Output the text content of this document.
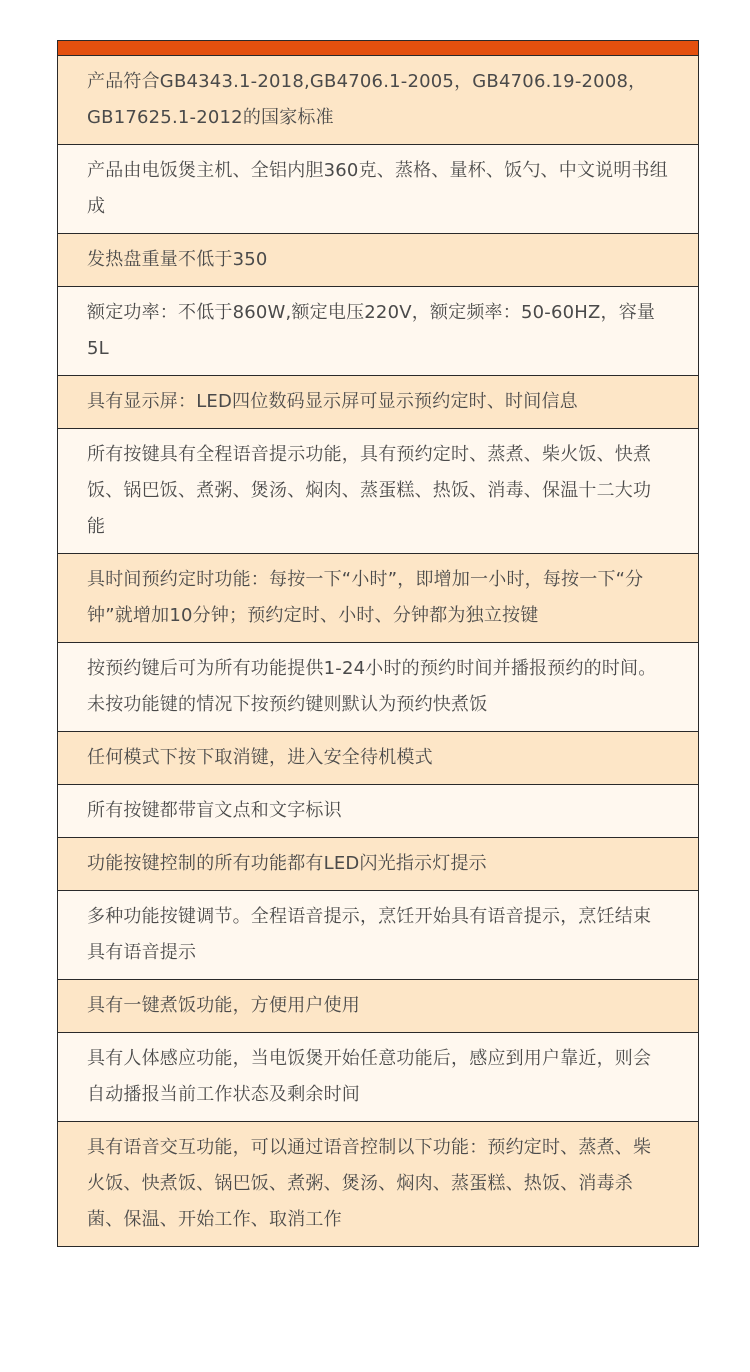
产品符合GB4343.1-2018,GB4706.1-2005，GB4706.19-2008，GB17625.1-2012的国家标准
产品由电饭煲主机、全铝内胆360克、蒸格、量杯、饭勺、中文说明书组成
发热盘重量不低于350
额定功率：不低于860W,额定电压220V，额定频率：50-60HZ，容量5L
具有显示屏：LED四位数码显示屏可显示预约定时、时间信息
所有按键具有全程语音提示功能，具有预约定时、蒸煮、柴火饭、快煮饭、锅巴饭、煮粥、煲汤、焖肉、蒸蛋糕、热饭、消毒、保温十二大功能
具时间预约定时功能：每按一下“小时”，即增加一小时，每按一下“分钟”就增加10分钟；预约定时、小时、分钟都为独立按键
按预约键后可为所有功能提供1-24小时的预约时间并播报预约的时间。未按功能键的情况下按预约键则默认为预约快煮饭
任何模式下按下取消键，进入安全待机模式
所有按键都带盲文点和文字标识
功能按键控制的所有功能都有LED闪光指示灯提示
多种功能按键调节。全程语音提示，烹饪开始具有语音提示，烹饪结束具有语音提示
具有一键煮饭功能，方便用户使用
具有人体感应功能，当电饭煲开始任意功能后，感应到用户靠近，则会自动播报当前工作状态及剩余时间
具有语音交互功能，可以通过语音控制以下功能：预约定时、蒸煮、柴火饭、快煮饭、锅巴饭、煮粥、煲汤、焖肉、蒸蛋糕、热饭、消毒杀菌、保温、开始工作、取消工作
